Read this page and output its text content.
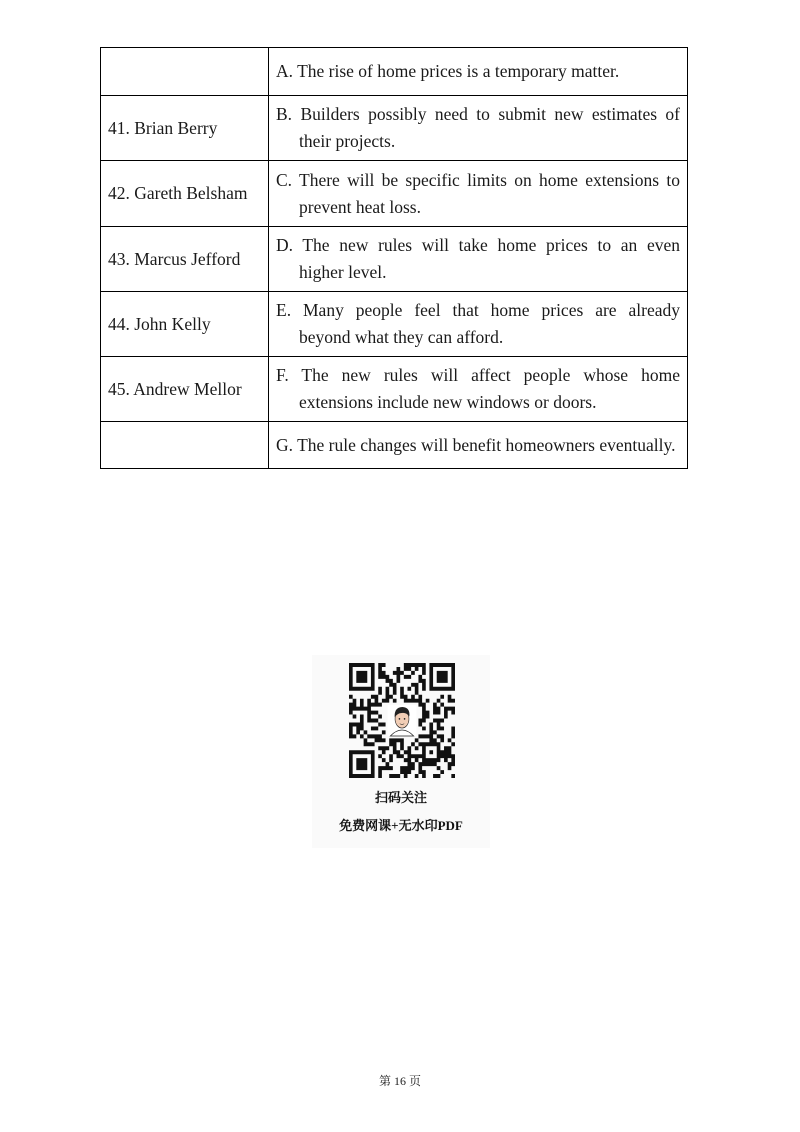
A. The rise of home prices is a temporary matter.
41. Brian Berry
B. Builders possibly need to submit new estimates of
their projects.
42. Gareth Belsham
C. There will be specific limits on home extensions to
prevent heat loss.
43. Marcus Jefford
D. The new rules will take home prices to an even
higher level.
44. John Kelly
E. Many people feel that home prices are already
beyond what they can afford.
45. Andrew Mellor
F. The new rules will affect people whose home
extensions include new windows or doors.
G. The rule changes will benefit homeowners eventually.
扫码关注
免费网课+无水印PDF
第 16 页
